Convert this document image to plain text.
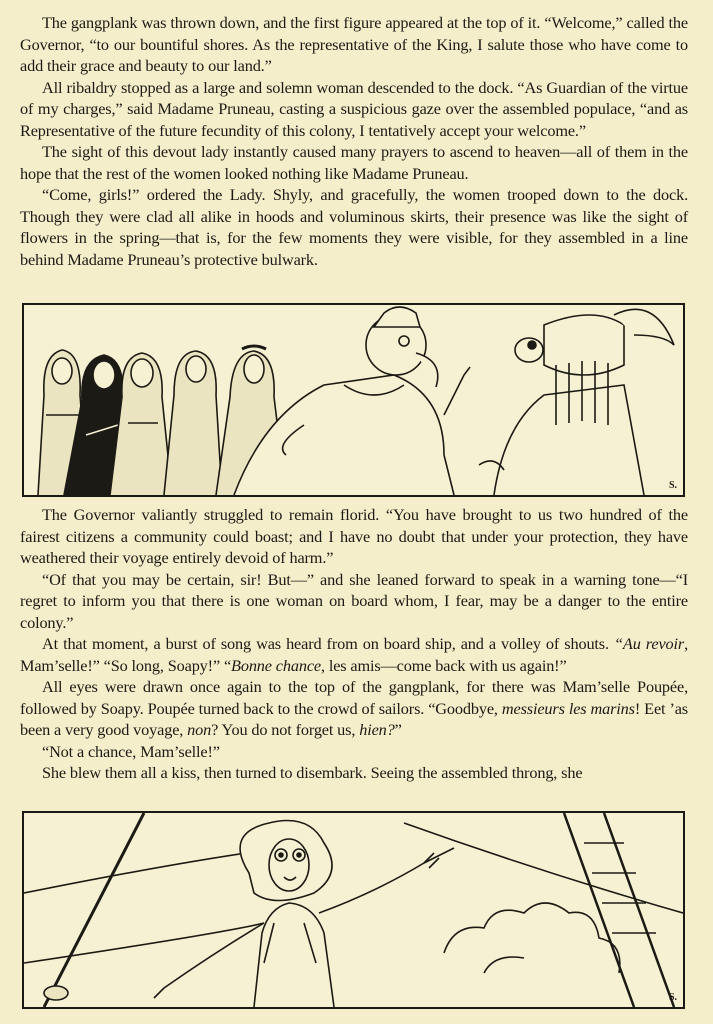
The gangplank was thrown down, and the first figure appeared at the top of it. “Welcome,” called the Governor, “to our bountiful shores. As the representative of the King, I salute those who have come to add their grace and beauty to our land.”

All ribaldry stopped as a large and solemn woman descended to the dock. “As Guardian of the virtue of my charges,” said Madame Pruneau, casting a suspicious gaze over the assembled populace, “and as Representative of the future fecundity of this colony, I tentatively accept your welcome.”

The sight of this devout lady instantly caused many prayers to ascend to heaven—all of them in the hope that the rest of the women looked nothing like Madame Pruneau.

“Come, girls!” ordered the Lady. Shyly, and gracefully, the women trooped down to the dock. Though they were clad all alike in hoods and voluminous skirts, their presence was like the sight of flowers in the spring—that is, for the few moments they were visible, for they assembled in a line behind Madame Pruneau’s protective bulwark.

S.

The Governor valiantly struggled to remain florid. “You have brought to us two hundred of the fairest citizens a community could boast; and I have no doubt that under your protection, they have weathered their voyage entirely devoid of harm.”

“Of that you may be certain, sir! But—” and she leaned forward to speak in a warning tone—“I regret to inform you that there is one woman on board whom, I fear, may be a danger to the entire colony.”

At that moment, a burst of song was heard from on board ship, and a volley of shouts. “Au revoir, Mam’selle!” “So long, Soapy!” “Bonne chance, les amis—come back with us again!”

All eyes were drawn once again to the top of the gangplank, for there was Mam’selle Poupée, followed by Soapy. Poupée turned back to the crowd of sailors. “Goodbye, messieurs les marins! Eet ’as been a very good voyage, non? You do not forget us, hien?”

“Not a chance, Mam’selle!”

She blew them all a kiss, then turned to disembark. Seeing the assembled throng, she

S.
